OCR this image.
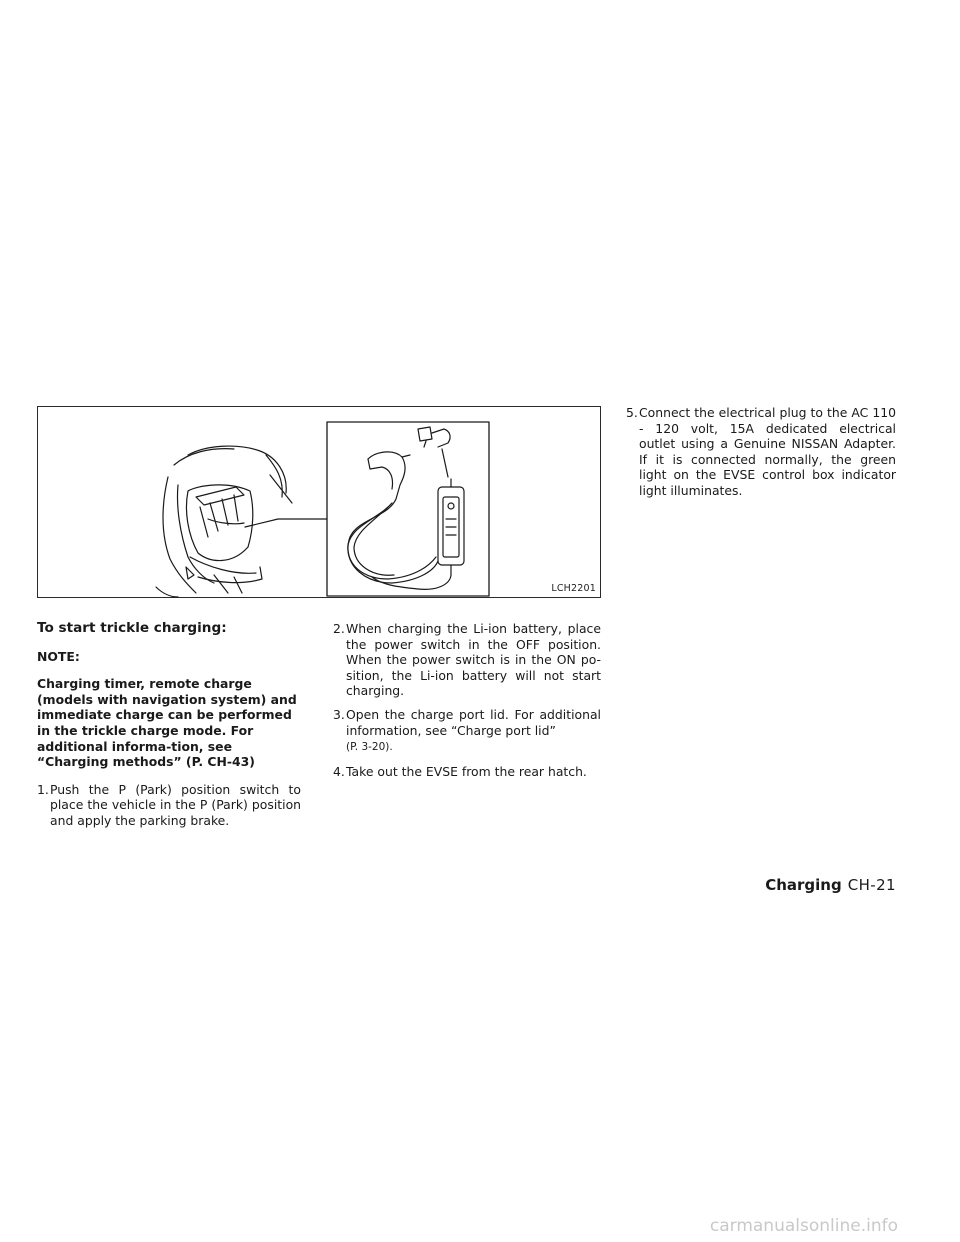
LCH2201
To start trickle charging:
NOTE:
Charging timer, remote charge (models with navigation system) and immediate charge can be performed in the trickle charge mode. For additional informa-tion, see “Charging methods” (P. CH-43)
1. Push the P (Park) position switch to place the vehicle in the P (Park) position and apply the parking brake.
2. When charging the Li-ion battery, place the power switch in the OFF position. When the power switch is in the ON po-sition, the Li-ion battery will not start charging.
3. Open the charge port lid. For additional information, see “Charge port lid”
(P. 3-20).
4. Take out the EVSE from the rear hatch.
5. Connect the electrical plug to the AC 110 - 120 volt, 15A dedicated electrical outlet using a Genuine NISSAN Adapter. If it is connected normally, the green light on the EVSE control box indicator light illuminates.
Charging CH-21
carmanualsonline.info
